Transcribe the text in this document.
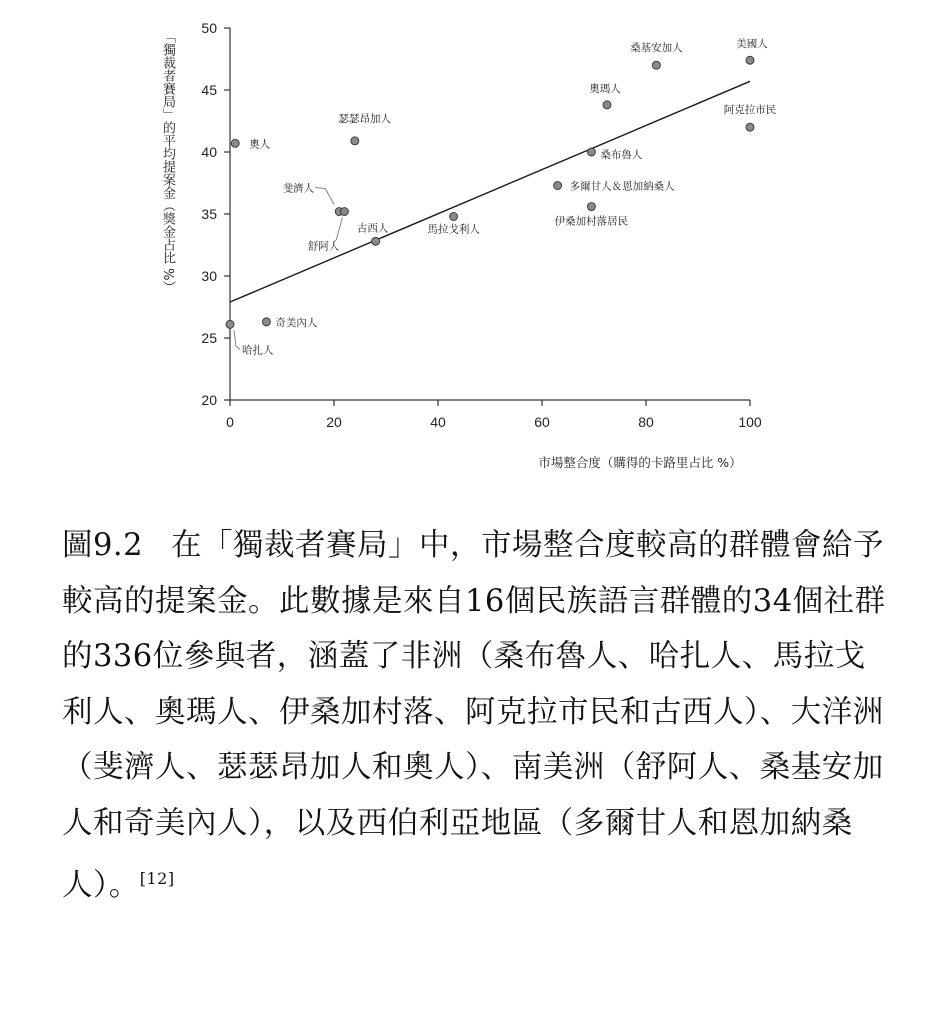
20
25
30
35
40
45
50
0	20	40	60	80	100
市場整合度（購得的卡路里占比 %）
奧人
哈扎人
奇美內人
斐濟人
舒阿人
瑟瑟昂加人
古西人	馬拉戈利人
多爾甘人＆恩加納桑人
桑布魯人
伊桑加村落居民
奧瑪人
桑基安加人	美國人
阿克拉市民
「獨裁者賽局」的平均提案金（獎金占比 %）
圖9.2 在「獨裁者賽局」中，市場整合度較高的群體會給予較高的提案金。此數據是來自16個民族語言群體的34個社群的336位參與者，涵蓋了非洲（桑布魯人、哈扎人、馬拉戈利人、奧瑪人、伊桑加村落、阿克拉市民和古西人）、大洋洲（斐濟人、瑟瑟昂加人和奧人）、南美洲（舒阿人、桑基安加人和奇美內人），以及西伯利亞地區（多爾甘人和恩加納桑人）。[12]
